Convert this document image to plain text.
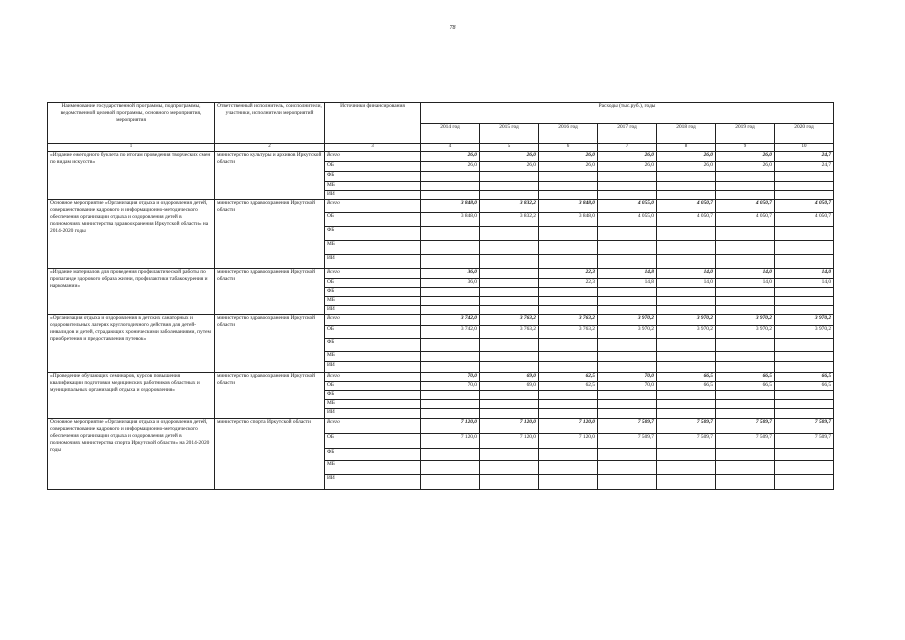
78
Наименование государственной программы, подпрограммы, ведомственной целевой программы, основного мероприятия, мероприятия	Ответственный исполнитель, соисполнители, участники, исполнители мероприятий	Источники финансирования	Расходы (тыс.руб.), годы						
			2014 год	2015 год	2016 год	2017 год	2018 год	2019 год	2020 год
1	2	3	4	5	6	7	8	9	10
«Издание ежегодного буклета по итогам проведения творческих смен по видам искусств»	министерство культуры и архивов Иркутской области	Всего	26,0	26,0	26,0	26,0	26,0	26,0	24,7
		ОБ	26,0	26,0	26,0	26,0	26,0	26,0	24,7
		ФБ							
		МБ							
		ИИ							
Основное мероприятие «Организация отдыха и оздоровления детей, совершенствование кадрового и информационно-методического обеспечения организации отдыха и оздоровления детей в полномочиях министерства здравоохранения Иркутской области» на 2014-2020 годы	министерство здравоохранения Иркутской области	Всего	3 848,0	3 832,2	3 848,0	4 055,0	4 050,7	4 050,7	4 050,7
		ОБ	3 848,0	3 832,2	3 848,0	4 055,0	4 050,7	4 050,7	4 050,7
		ФБ							
		МБ							
		ИИ							
«Издание материалов для проведения профилактической работы по пропаганде здорового образа жизни, профилактики табакокурения и наркомании»	министерство здравоохранения Иркутской области	Всего	36,0		22,3	14,8	14,0	14,0	14,0
		ОБ	36,0		22,3	14,8	14,0	14,0	14,0
		ФБ							
		МБ							
		ИИ							
«Организация отдыха и оздоровления в детских санаторных и оздоровительных лагерях круглогодичного действия для детей-инвалидов и детей, страдающих хроническими заболеваниями, путем приобретения и предоставления путевок»	министерство здравоохранения Иркутской области	Всего	3 742,0	3 763,2	3 763,2	3 970,2	3 970,2	3 970,2	3 970,2
		ОБ	3 742,0	3 763,2	3 763,2	3 970,2	3 970,2	3 970,2	3 970,2
		ФБ							
		МБ							
		ИИ							
«Проведение обучающих семинаров, курсов повышения квалификации подготовки медицинских работников областных и муниципальных организаций отдыха и оздоровления»	министерство здравоохранения Иркутской области	Всего	70,0	69,0	62,5	70,0	66,5	66,5	66,5
		ОБ	70,0	69,0	62,5	70,0	66,5	66,5	66,5
		ФБ							
		МБ							
		ИИ							
Основное мероприятие «Организация отдыха и оздоровления детей, совершенствование кадрового и информационно-методического обеспечения организации отдыха и оздоровления детей в полномочиях министерства спорта Иркутской области» на 2014-2020 годы	министерство спорта Иркутской области	Всего	7 120,0	7 120,0	7 120,0	7 509,7	7 509,7	7 509,7	7 509,7
		ОБ	7 120,0	7 120,0	7 120,0	7 509,7	7 509,7	7 509,7	7 509,7
		ФБ							
		МБ							
		ИИ							
